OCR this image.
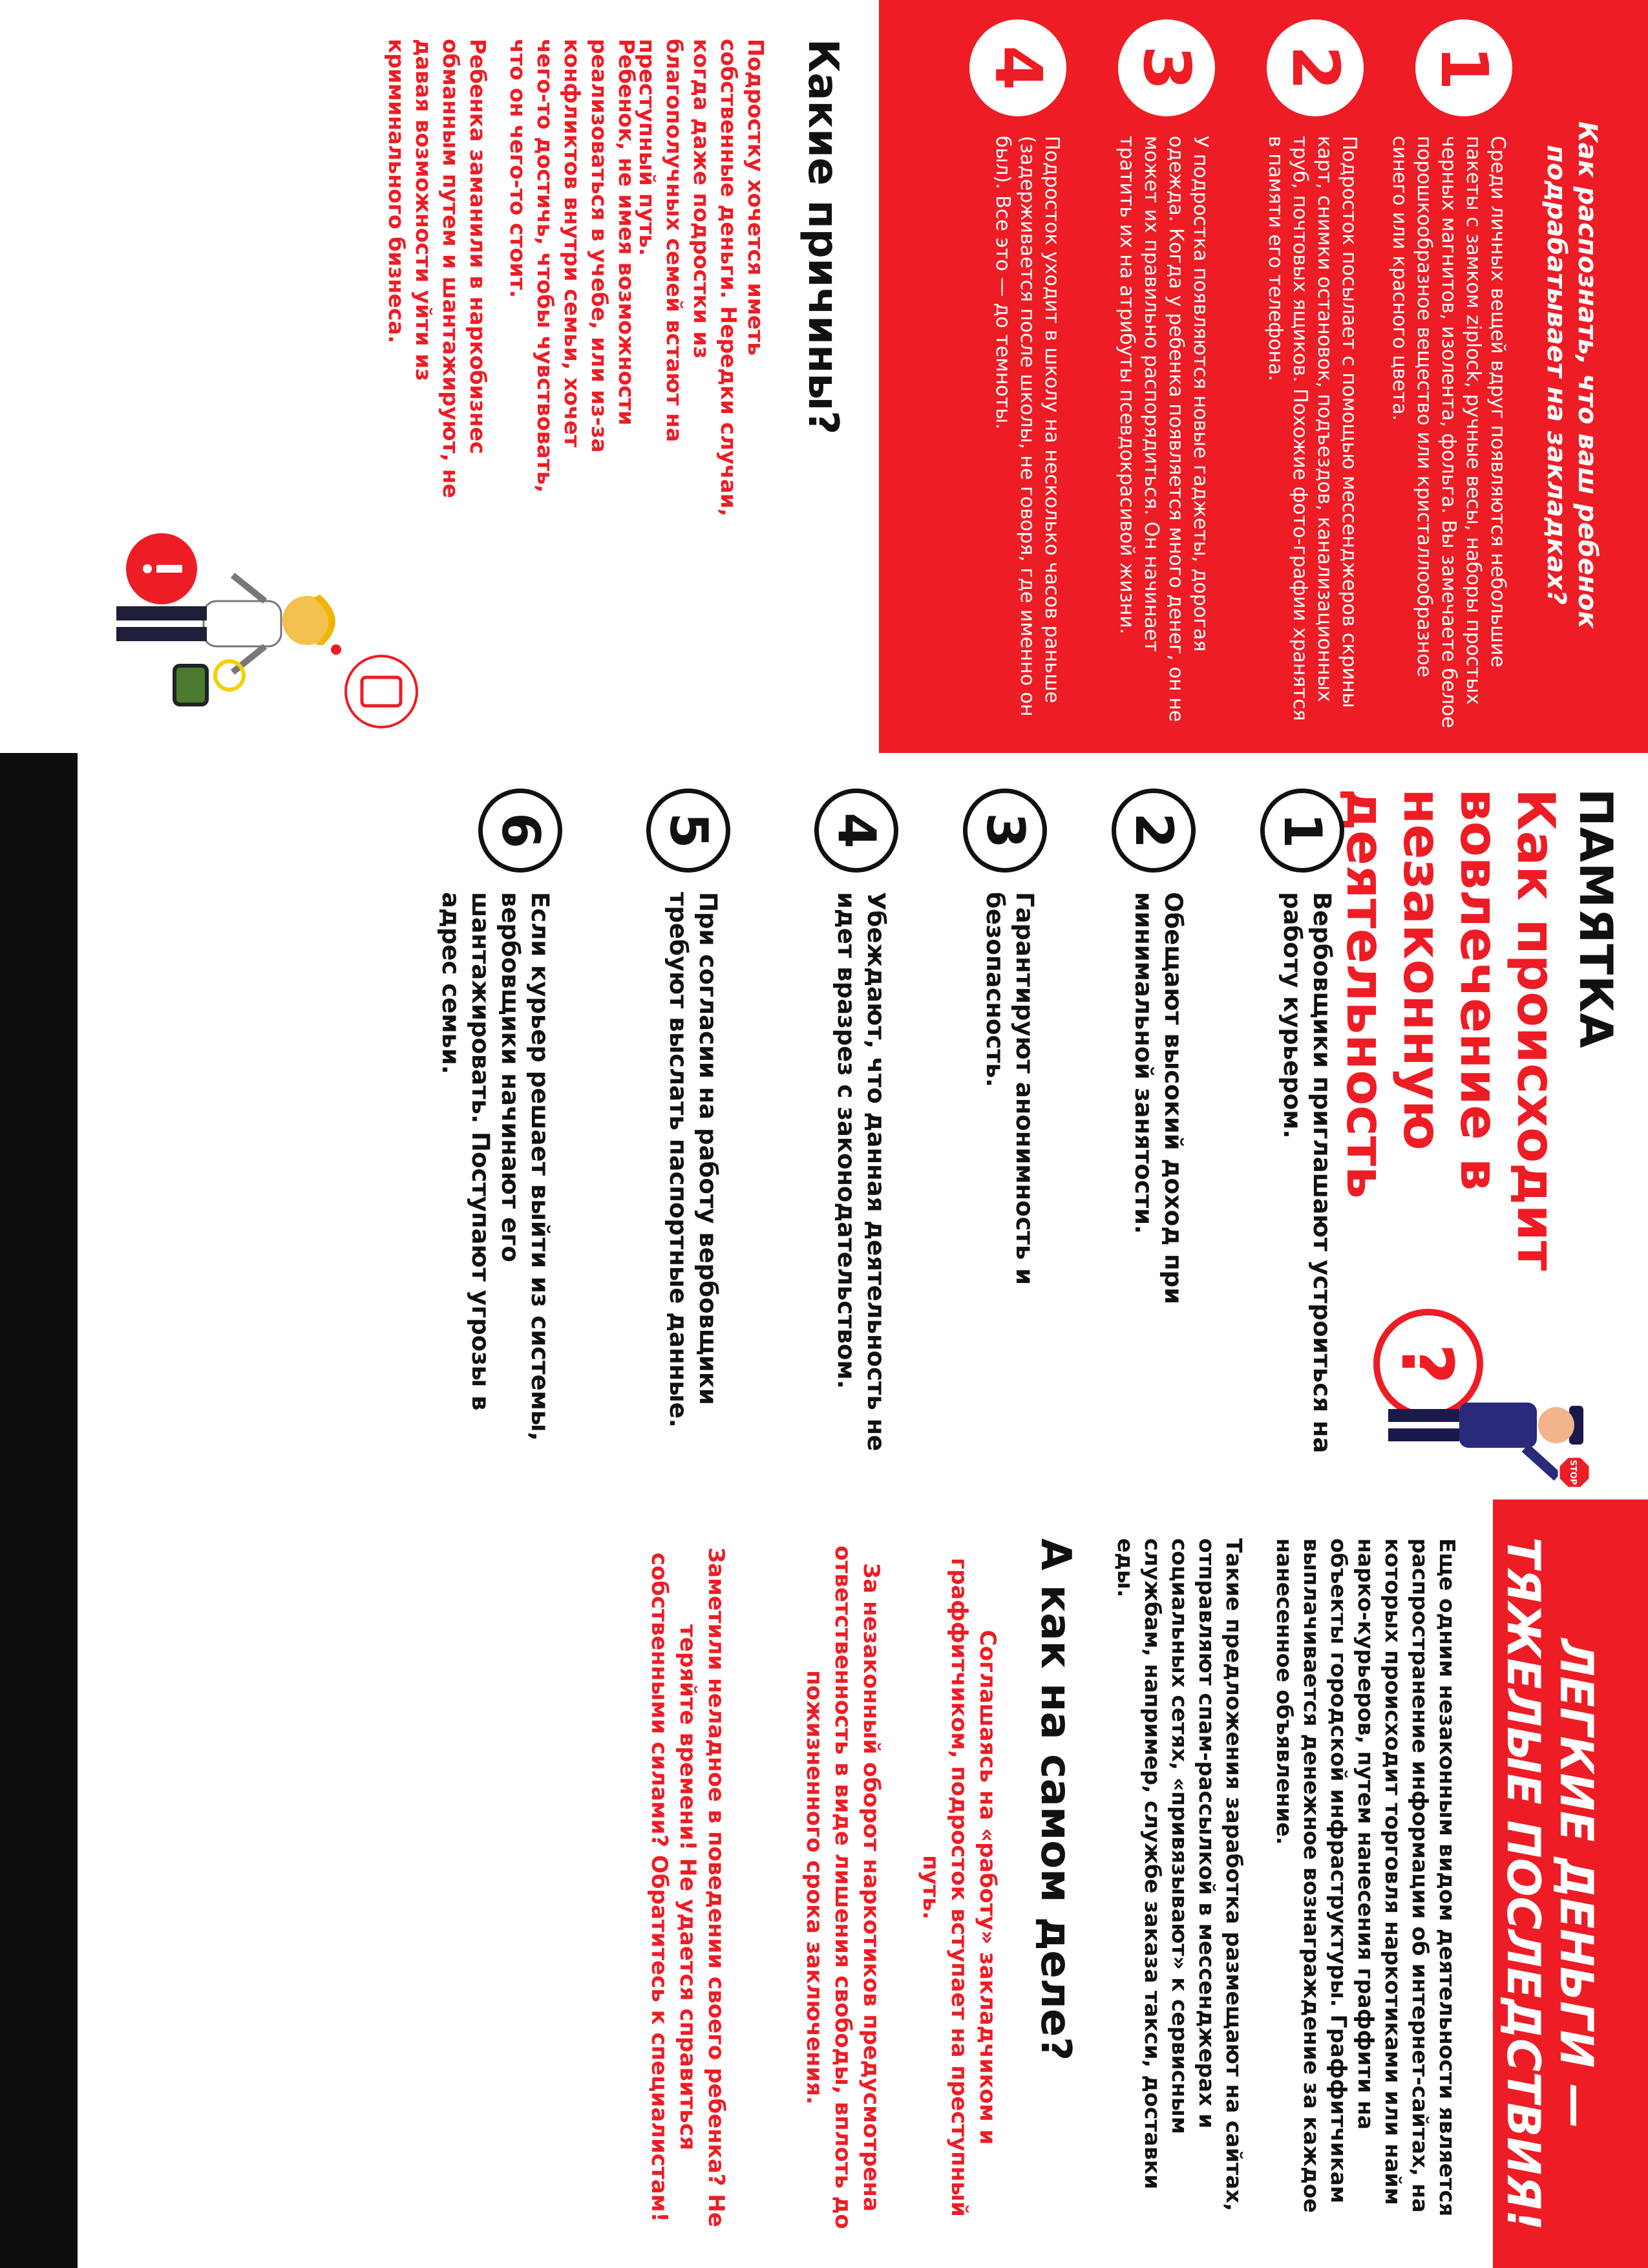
Как распознать, что ваш ребенок подрабатывает на закладках?
1
Среди личных вещей вдруг появляются небольшие пакеты с замком ziplock, ручные весы, наборы простых черных магнитов, изолента, фольга. Вы замечаете белое порошкообразное вещество или кристаллообразное синего или красного цвета.
2
Подросток посылает с помощью мессенджеров скрины карт, снимки остановок, подъездов, канализационных труб, почтовых ящиков. Похожие фото-графии хранятся в памяти его телефона.
3
У подростка появляются новые гаджеты, дорогая одежда. Когда у ребенка появляется много денег, он не может их правильно распорядиться. Он начинает тратить их на атрибуты псевдокрасивой жизни.
4
Подросток уходит в школу на несколько часов раньше (задерживается после школы, не говоря, где именно он был). Все это — до темноты.
Какие причины?
Подростку хочется иметь собственные деньги. Нередки случаи, когда даже подростки из благополучных семей встают на преступный путь.
Ребенок, не имея возможности реализоваться в учебе, или из-за конфликтов внутри семьи, хочет чего-то достичь, чтобы чувствовать, что он чего-то стоит.
Ребенка заманили в наркобизнес обманным путем и шантажируют, не давая возможности уйти из криминального бизнеса.
ПАМЯТКА
Как происходит вовлечение в незаконную деятельность
?
STOP
1
Вербовщики приглашают устроиться на работу курьером.
2
Обещают высокий доход при минимальной занятости.
3
Гарантируют анонимность и безопасность.
4
Убеждают, что данная деятельность не идет вразрез с законодательством.
5
При согласии на работу вербовщики требуют выслать паспортные данные.
6
Если курьер решает выйти из системы, вербовщики начинают его шантажировать. Поступают угрозы в адрес семьи.
ЛЕГКИЕ ДЕНЬГИ — ТЯЖЕЛЫЕ ПОСЛЕДСТВИЯ!
Еще одним незаконным видом деятельности является распространение информации об интернет-сайтах, на которых происходит торговля наркотиками или найм нарко-курьеров, путем нанесения граффити на объекты городской инфраструктуры. Граффитчикам выплачивается денежное вознаграждение за каждое нанесенное объявление.
Такие предложения заработка размещают на сайтах, отправляют спам-рассылкой в мессенджерах и социальных сетях, «привязывают» к сервисным службам, например, службе заказа такси, доставки еды.
А как на самом деле?
Соглашаясь на «работу» закладчиком и граффитчиком, подросток вступает на преступный путь.
За незаконный оборот наркотиков предусмотрена ответственность в виде лишения свободы, вплоть до пожизненного срока заключения.
Заметили неладное в поведении своего ребенка? Не теряйте времени! Не удается справиться собственными силами? Обратитесь к специалистам!
